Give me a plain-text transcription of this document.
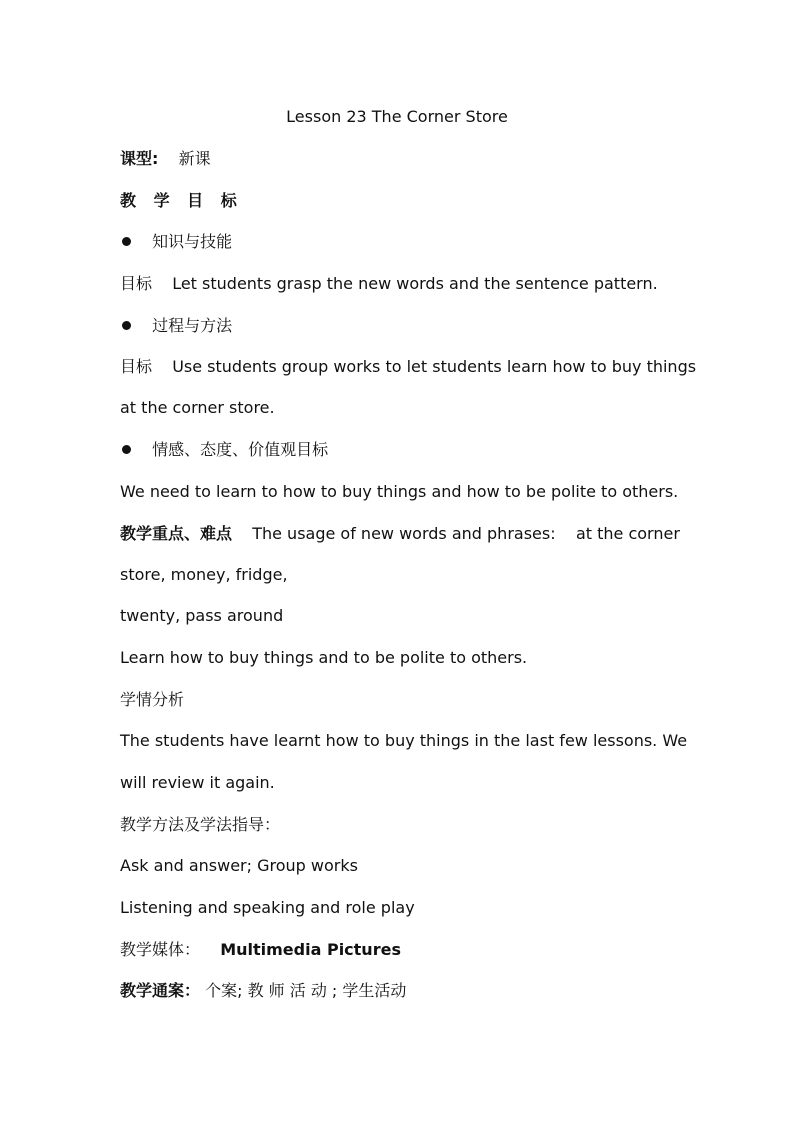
Lesson 23 The Corner Store
课型: 新课
教 学 目 标
知识与技能
目标 Let students grasp the new words and the sentence pattern.
过程与方法
目标 Use students group works to let students learn how to buy things
at the corner store.
情感、态度、价值观目标
We need to learn to how to buy things and how to be polite to others.
教学重点、难点 The usage of new words and phrases:    at the corner
store, money, fridge,
twenty, pass around
Learn how to buy things and to be polite to others.
学情分析
The students have learnt how to buy things in the last few lessons. We
will review it again.
教学方法及学法指导：
Ask and answer; Group works
Listening and speaking and role play
教学媒体： Multimedia Pictures
教学通案： 个案; 教 师 活 动 ; 学生活动
